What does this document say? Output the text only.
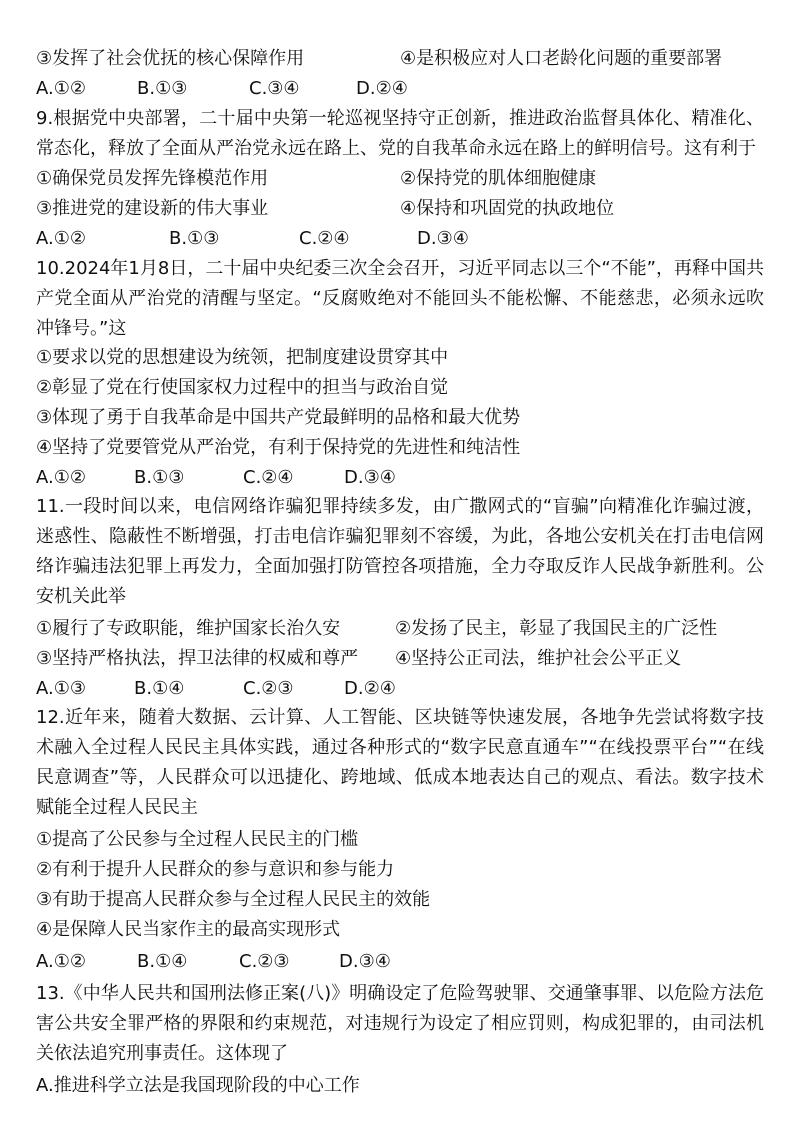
③发挥了社会优抚的核心保障作用	④是积极应对人口老龄化问题的重要部署
A.①②	B.①③	C.③④	D.②④
9.根据党中央部署，二十届中央第一轮巡视坚持守正创新，推进政治监督具体化、精准化、常态化，释放了全面从严治党永远在路上、党的自我革命永远在路上的鲜明信号。这有利于
①确保党员发挥先锋模范作用	②保持党的肌体细胞健康
③推进党的建设新的伟大事业	④保持和巩固党的执政地位
A.①②	B.①③	C.②④	D.③④
10.2024年1月8日，二十届中央纪委三次全会召开，习近平同志以三个“不能”，再释中国共产党全面从严治党的清醒与坚定。“反腐败绝对不能回头不能松懈、不能慈悲，必须永远吹冲锋号。”这
①要求以党的思想建设为统领，把制度建设贯穿其中
②彰显了党在行使国家权力过程中的担当与政治自觉
③体现了勇于自我革命是中国共产党最鲜明的品格和最大优势
④坚持了党要管党从严治党，有利于保持党的先进性和纯洁性
A.①②	B.①③	C.②④	D.③④
11.一段时间以来，电信网络诈骗犯罪持续多发，由广撒网式的“盲骗”向精准化诈骗过渡，迷惑性、隐蔽性不断增强，打击电信诈骗犯罪刻不容缓，为此，各地公安机关在打击电信网络诈骗违法犯罪上再发力，全面加强打防管控各项措施，全力夺取反诈人民战争新胜利。公安机关此举
①履行了专政职能，维护国家长治久安	②发扬了民主，彰显了我国民主的广泛性
③坚持严格执法，捍卫法律的权威和尊严 ④坚持公正司法，维护社会公平正义
A.①③	B.①④	C.②③	D.②④
12.近年来，随着大数据、云计算、人工智能、区块链等快速发展，各地争先尝试将数字技术融入全过程人民民主具体实践，通过各种形式的“数字民意直通车”“在线投票平台”“在线民意调查”等，人民群众可以迅捷化、跨地域、低成本地表达自己的观点、看法。数字技术赋能全过程人民民主
①提高了公民参与全过程人民民主的门槛
②有利于提升人民群众的参与意识和参与能力
③有助于提高人民群众参与全过程人民民主的效能
④是保障人民当家作主的最高实现形式
A.①②	B.①④	C.②③	D.③④
13.《中华人民共和国刑法修正案(八)》明确设定了危险驾驶罪、交通肇事罪、以危险方法危害公共安全罪严格的界限和约束规范，对违规行为设定了相应罚则，构成犯罪的，由司法机关依法追究刑事责任。这体现了
A.推进科学立法是我国现阶段的中心工作
